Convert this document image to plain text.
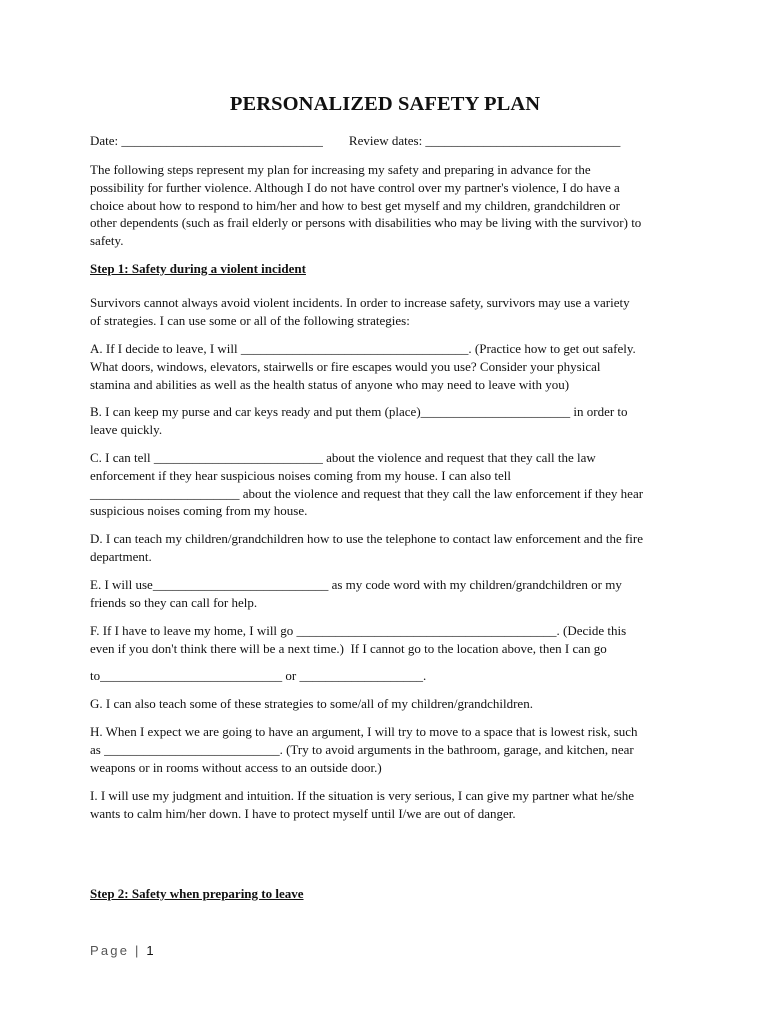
PERSONALIZED SAFETY PLAN

Date: _______________________________        Review dates: ______________________________

The following steps represent my plan for increasing my safety and preparing in advance for the
possibility for further violence. Although I do not have control over my partner's violence, I do have a
choice about how to respond to him/her and how to best get myself and my children, grandchildren or
other dependents (such as frail elderly or persons with disabilities who may be living with the survivor) to
safety.

Step 1: Safety during a violent incident

Survivors cannot always avoid violent incidents. In order to increase safety, survivors may use a variety
of strategies. I can use some or all of the following strategies:

A. If I decide to leave, I will ___________________________________. (Practice how to get out safely.
What doors, windows, elevators, stairwells or fire escapes would you use? Consider your physical
stamina and abilities as well as the health status of anyone who may need to leave with you)

B. I can keep my purse and car keys ready and put them (place)_______________________ in order to
leave quickly.

C. I can tell __________________________ about the violence and request that they call the law
enforcement if they hear suspicious noises coming from my house. I can also tell
_______________________ about the violence and request that they call the law enforcement if they hear
suspicious noises coming from my house.

D. I can teach my children/grandchildren how to use the telephone to contact law enforcement and the fire
department.

E. I will use___________________________ as my code word with my children/grandchildren or my
friends so they can call for help.

F. If I have to leave my home, I will go ________________________________________. (Decide this
even if you don't think there will be a next time.)  If I cannot go to the location above, then I can go

to____________________________ or ___________________.

G. I can also teach some of these strategies to some/all of my children/grandchildren.

H. When I expect we are going to have an argument, I will try to move to a space that is lowest risk, such
as ___________________________. (Try to avoid arguments in the bathroom, garage, and kitchen, near
weapons or in rooms without access to an outside door.)

I. I will use my judgment and intuition. If the situation is very serious, I can give my partner what he/she
wants to calm him/her down. I have to protect myself until I/we are out of danger.

Step 2: Safety when preparing to leave

Page | 1
